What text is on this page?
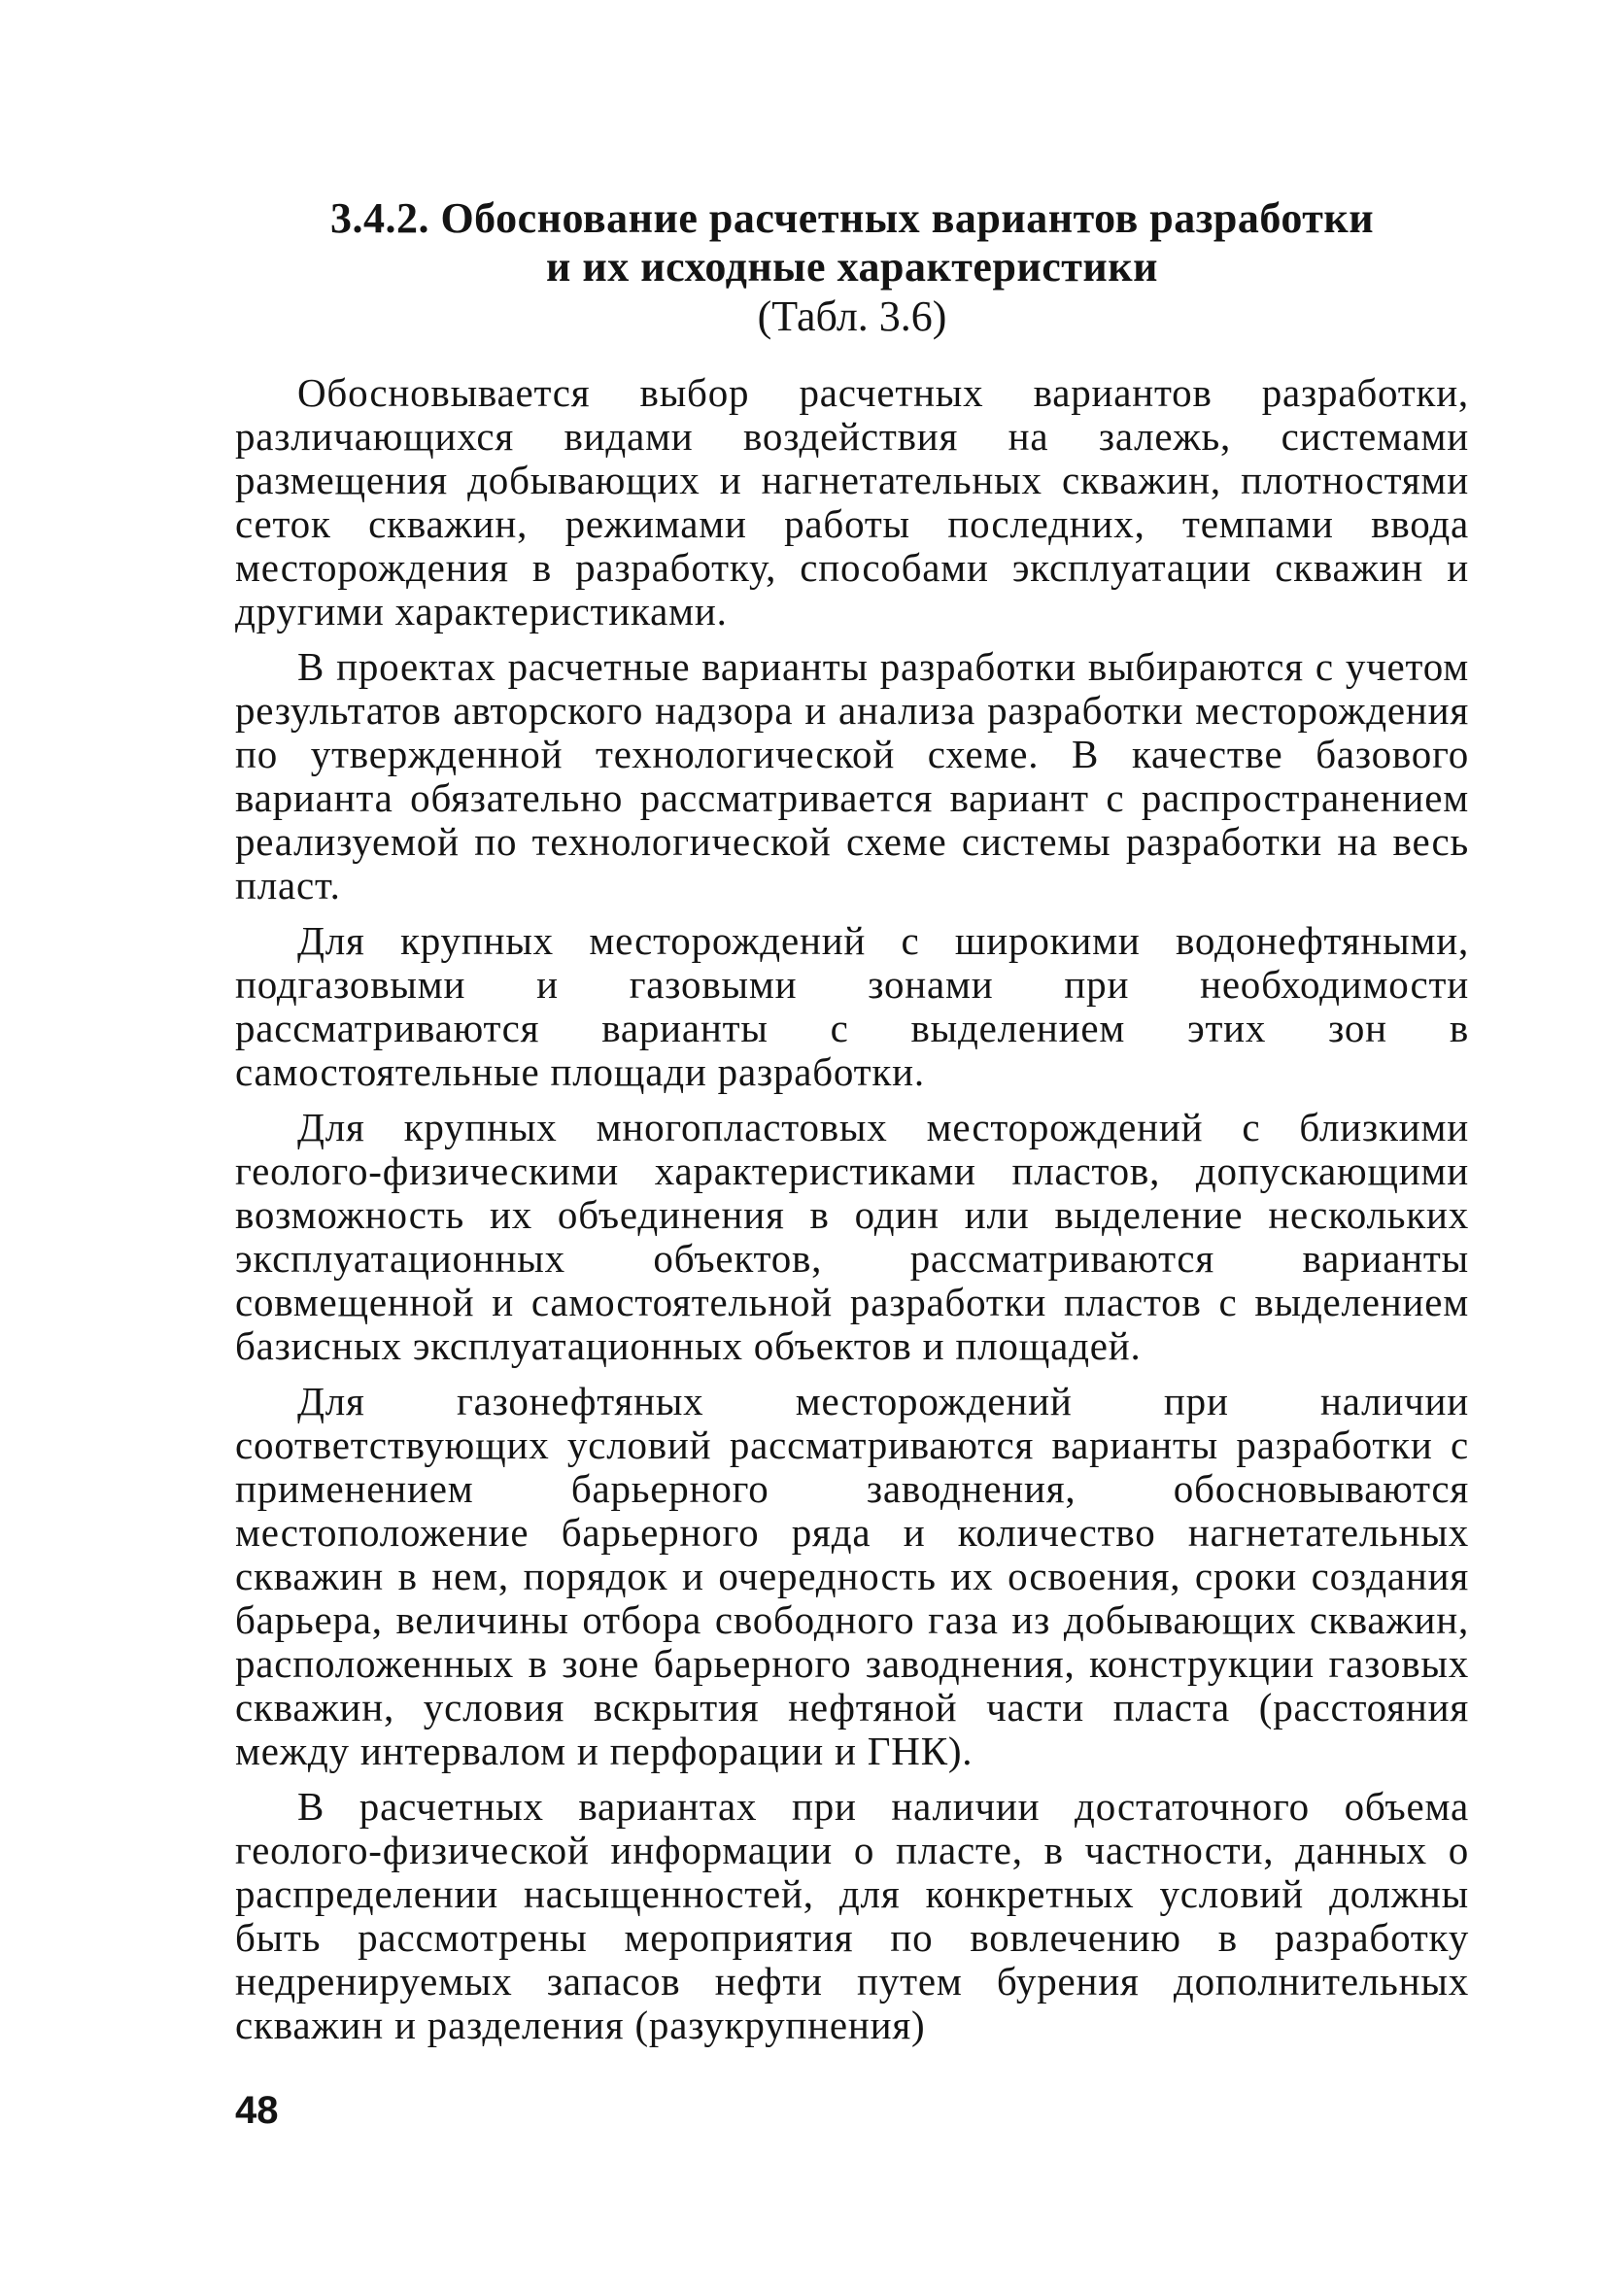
3.4.2. Обоснование расчетных вариантов разработки
и их исходные характеристики
(Табл. 3.6)

Обосновывается выбор расчетных вариантов разработки, различающихся видами воздействия на залежь, системами размещения добывающих и нагнетательных скважин, плотностями сеток скважин, режимами работы последних, темпами ввода месторождения в разработку, способами эксплуатации скважин и другими характеристиками.

В проектах расчетные варианты разработки выбираются с учетом результатов авторского надзора и анализа разработки месторождения по утвержденной технологической схеме. В качестве базового варианта обязательно рассматривается вариант с распространением реализуемой по технологической схеме системы разработки на весь пласт.

Для крупных месторождений с широкими водонефтяными, подгазовыми и газовыми зонами при необходимости рассматриваются варианты с выделением этих зон в самостоятельные площади разработки.

Для крупных многопластовых месторождений с близкими геолого-физическими характеристиками пластов, допускающими возможность их объединения в один или выделение нескольких эксплуатационных объектов, рассматриваются варианты совмещенной и самостоятельной разработки пластов с выделением базисных эксплуатационных объектов и площадей.

Для газонефтяных месторождений при наличии соответствующих условий рассматриваются варианты разработки с применением барьерного заводнения, обосновываются местоположение барьерного ряда и количество нагнетательных скважин в нем, порядок и очередность их освоения, сроки создания барьера, величины отбора свободного газа из добывающих скважин, расположенных в зоне барьерного заводнения, конструкции газовых скважин, условия вскрытия нефтяной части пласта (расстояния между интервалом и перфорации и ГНК).

В расчетных вариантах при наличии достаточного объема геолого-физической информации о пласте, в частности, данных о распределении насыщенностей, для конкретных условий должны быть рассмотрены мероприятия по вовлечению в разработку недренируемых запасов нефти путем бурения дополнительных скважин и разделения (разукрупнения)

48
